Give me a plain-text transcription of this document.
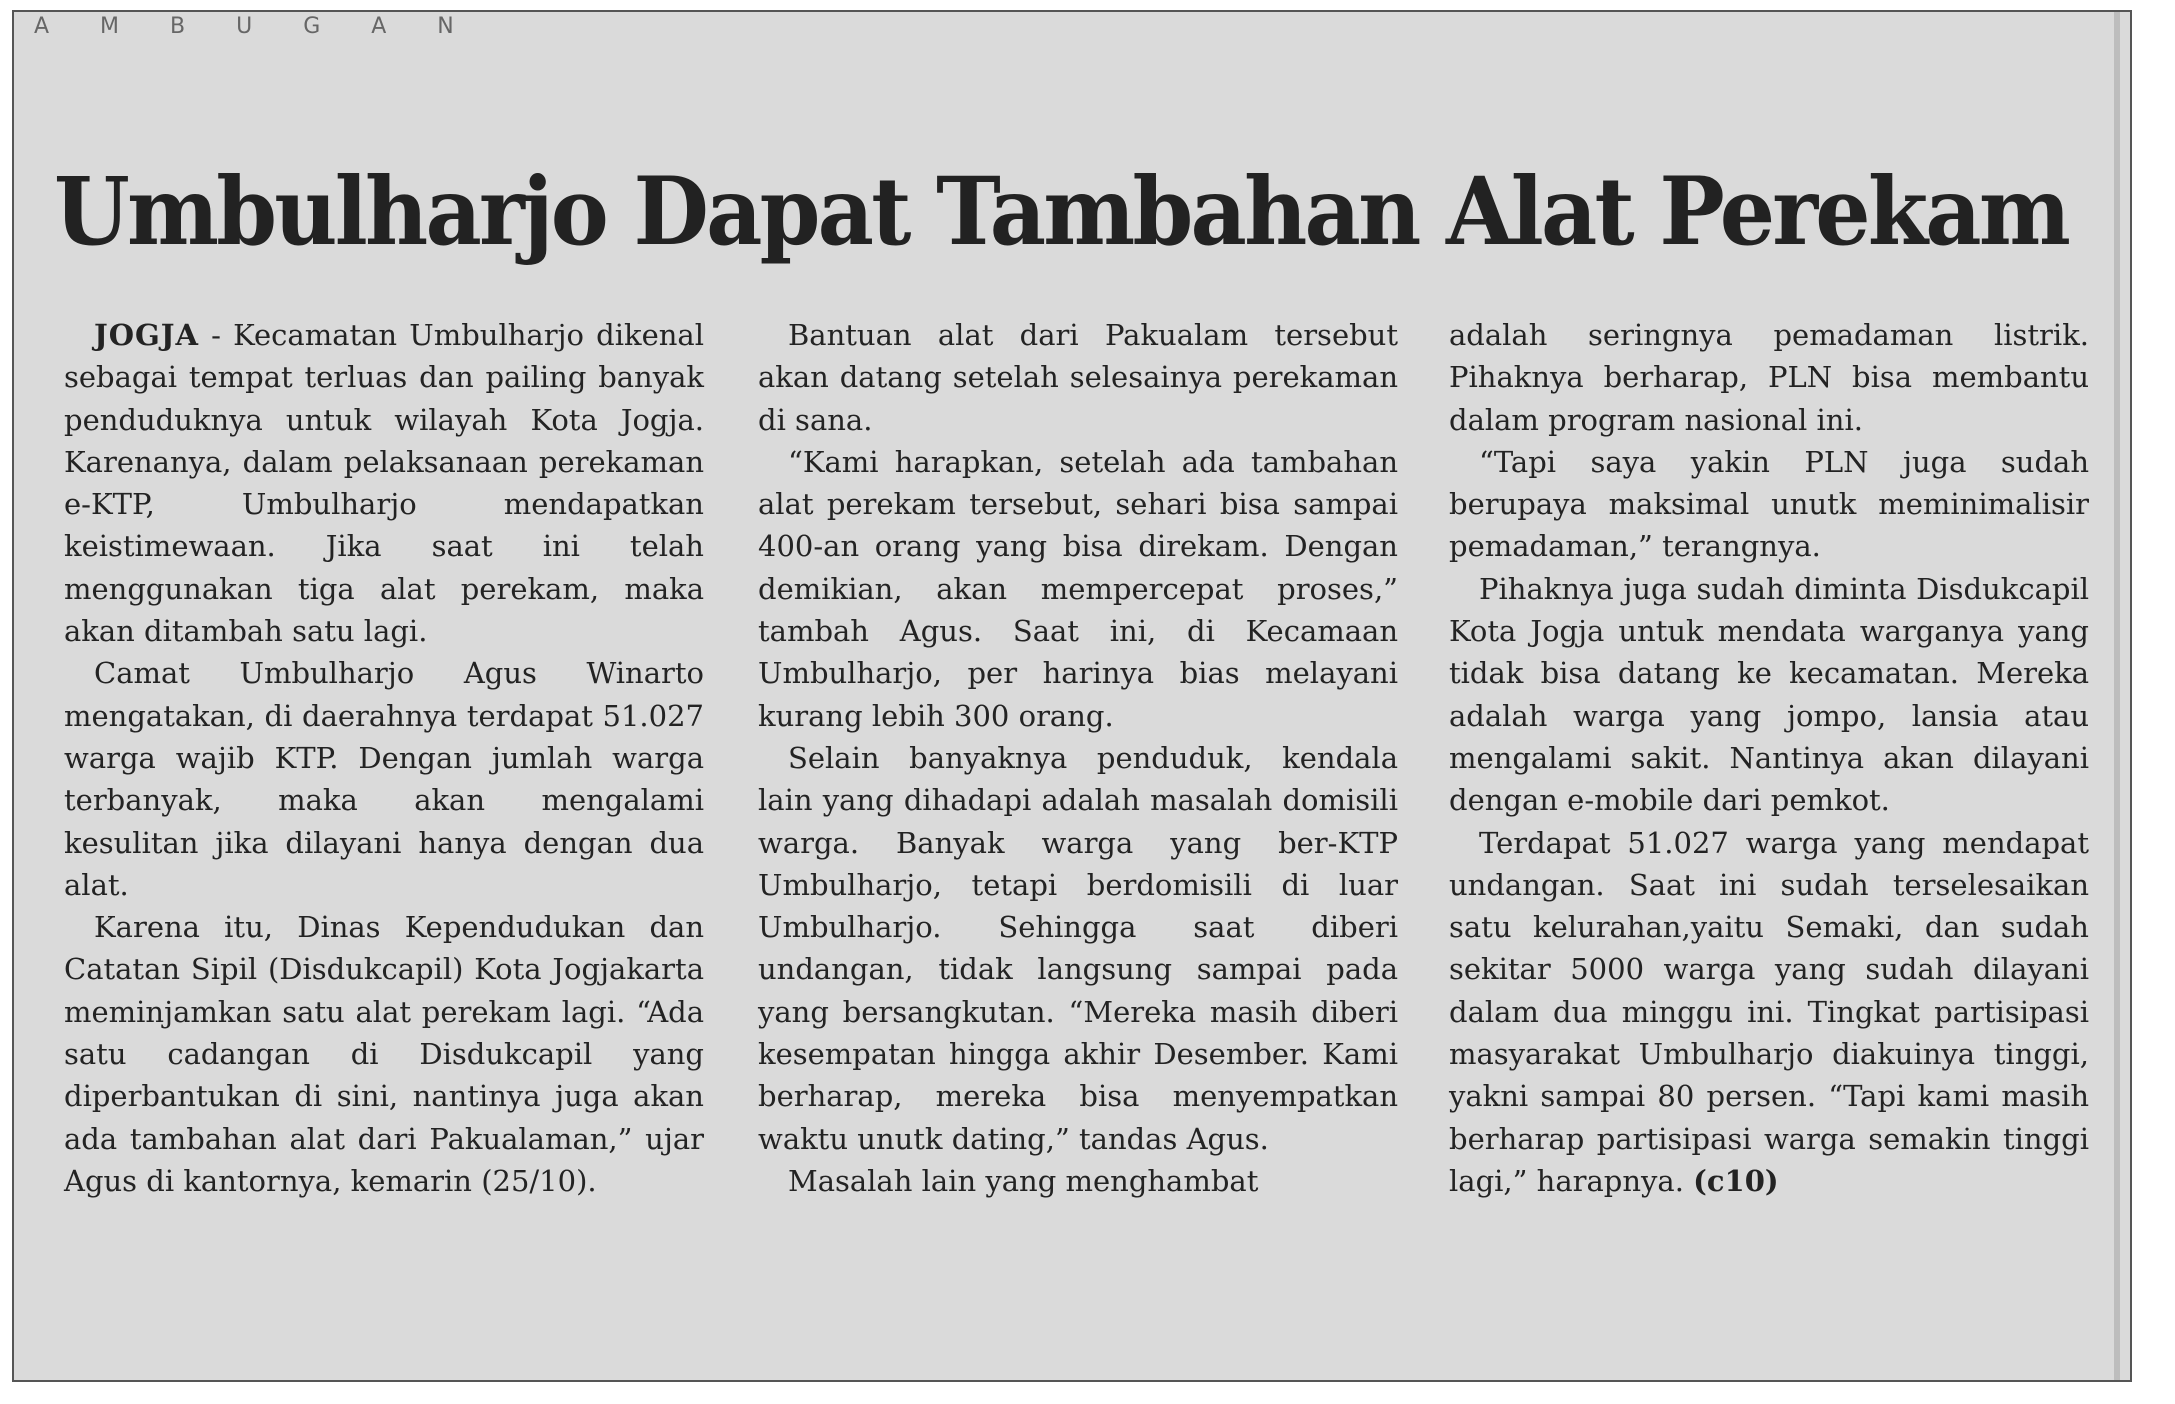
A M B U G A N
Umbulharjo Dapat Tambahan Alat Perekam

JOGJA - Kecamatan Umbulharjo dikenal sebagai tempat terluas dan pailing banyak penduduknya untuk wilayah Kota Jogja. Karenanya, dalam pelaksanaan perekaman e-KTP, Umbulharjo mendapatkan keistimewaan. Jika saat ini telah menggunakan tiga alat perekam, maka akan ditambah satu lagi.

Camat Umbulharjo Agus Winarto mengatakan, di daerahnya terdapat 51.027 warga wajib KTP. Dengan jumlah warga terbanyak, maka akan mengalami kesulitan jika dilayani hanya dengan dua alat.

Karena itu, Dinas Kependudukan dan Catatan Sipil (Disdukcapil) Kota Jogjakarta meminjamkan satu alat perekam lagi. “Ada satu cadangan di Disdukcapil yang diperbantukan di sini, nantinya juga akan ada tambahan alat dari Pakualaman,” ujar Agus di kantornya, kemarin (25/10).

Bantuan alat dari Pakualam tersebut akan datang setelah selesainya perekaman di sana.

“Kami harapkan, setelah ada tambahan alat perekam tersebut, sehari bisa sampai 400-an orang yang bisa direkam. Dengan demikian, akan mempercepat proses,” tambah Agus. Saat ini, di Kecamaan Umbulharjo, per harinya bias melayani kurang lebih 300 orang.

Selain banyaknya penduduk, kendala lain yang dihadapi adalah masalah domisili warga. Banyak warga yang ber-KTP Umbulharjo, tetapi berdomisili di luar Umbulharjo. Sehingga saat diberi undangan, tidak langsung sampai pada yang bersangkutan. “Mereka masih diberi kesempatan hingga akhir Desember. Kami berharap, mereka bisa menyempatkan waktu unutk dating,” tandas Agus.

Masalah lain yang menghambat

adalah seringnya pemadaman listrik. Pihaknya berharap, PLN bisa membantu dalam program nasional ini.

“Tapi saya yakin PLN juga sudah berupaya maksimal unutk meminimalisir pemadaman,” terangnya.

Pihaknya juga sudah diminta Disdukcapil Kota Jogja untuk mendata warganya yang tidak bisa datang ke kecamatan. Mereka adalah warga yang jompo, lansia atau mengalami sakit. Nantinya akan dilayani dengan e-mobile dari pemkot.

Terdapat 51.027 warga yang mendapat undangan. Saat ini sudah terselesaikan satu kelurahan,yaitu Semaki, dan sudah sekitar 5000 warga yang sudah dilayani dalam dua minggu ini. Tingkat partisipasi masyarakat Umbulharjo diakuinya tinggi, yakni sampai 80 persen. “Tapi kami masih berharap partisipasi warga semakin tinggi lagi,” harapnya. (c10)
